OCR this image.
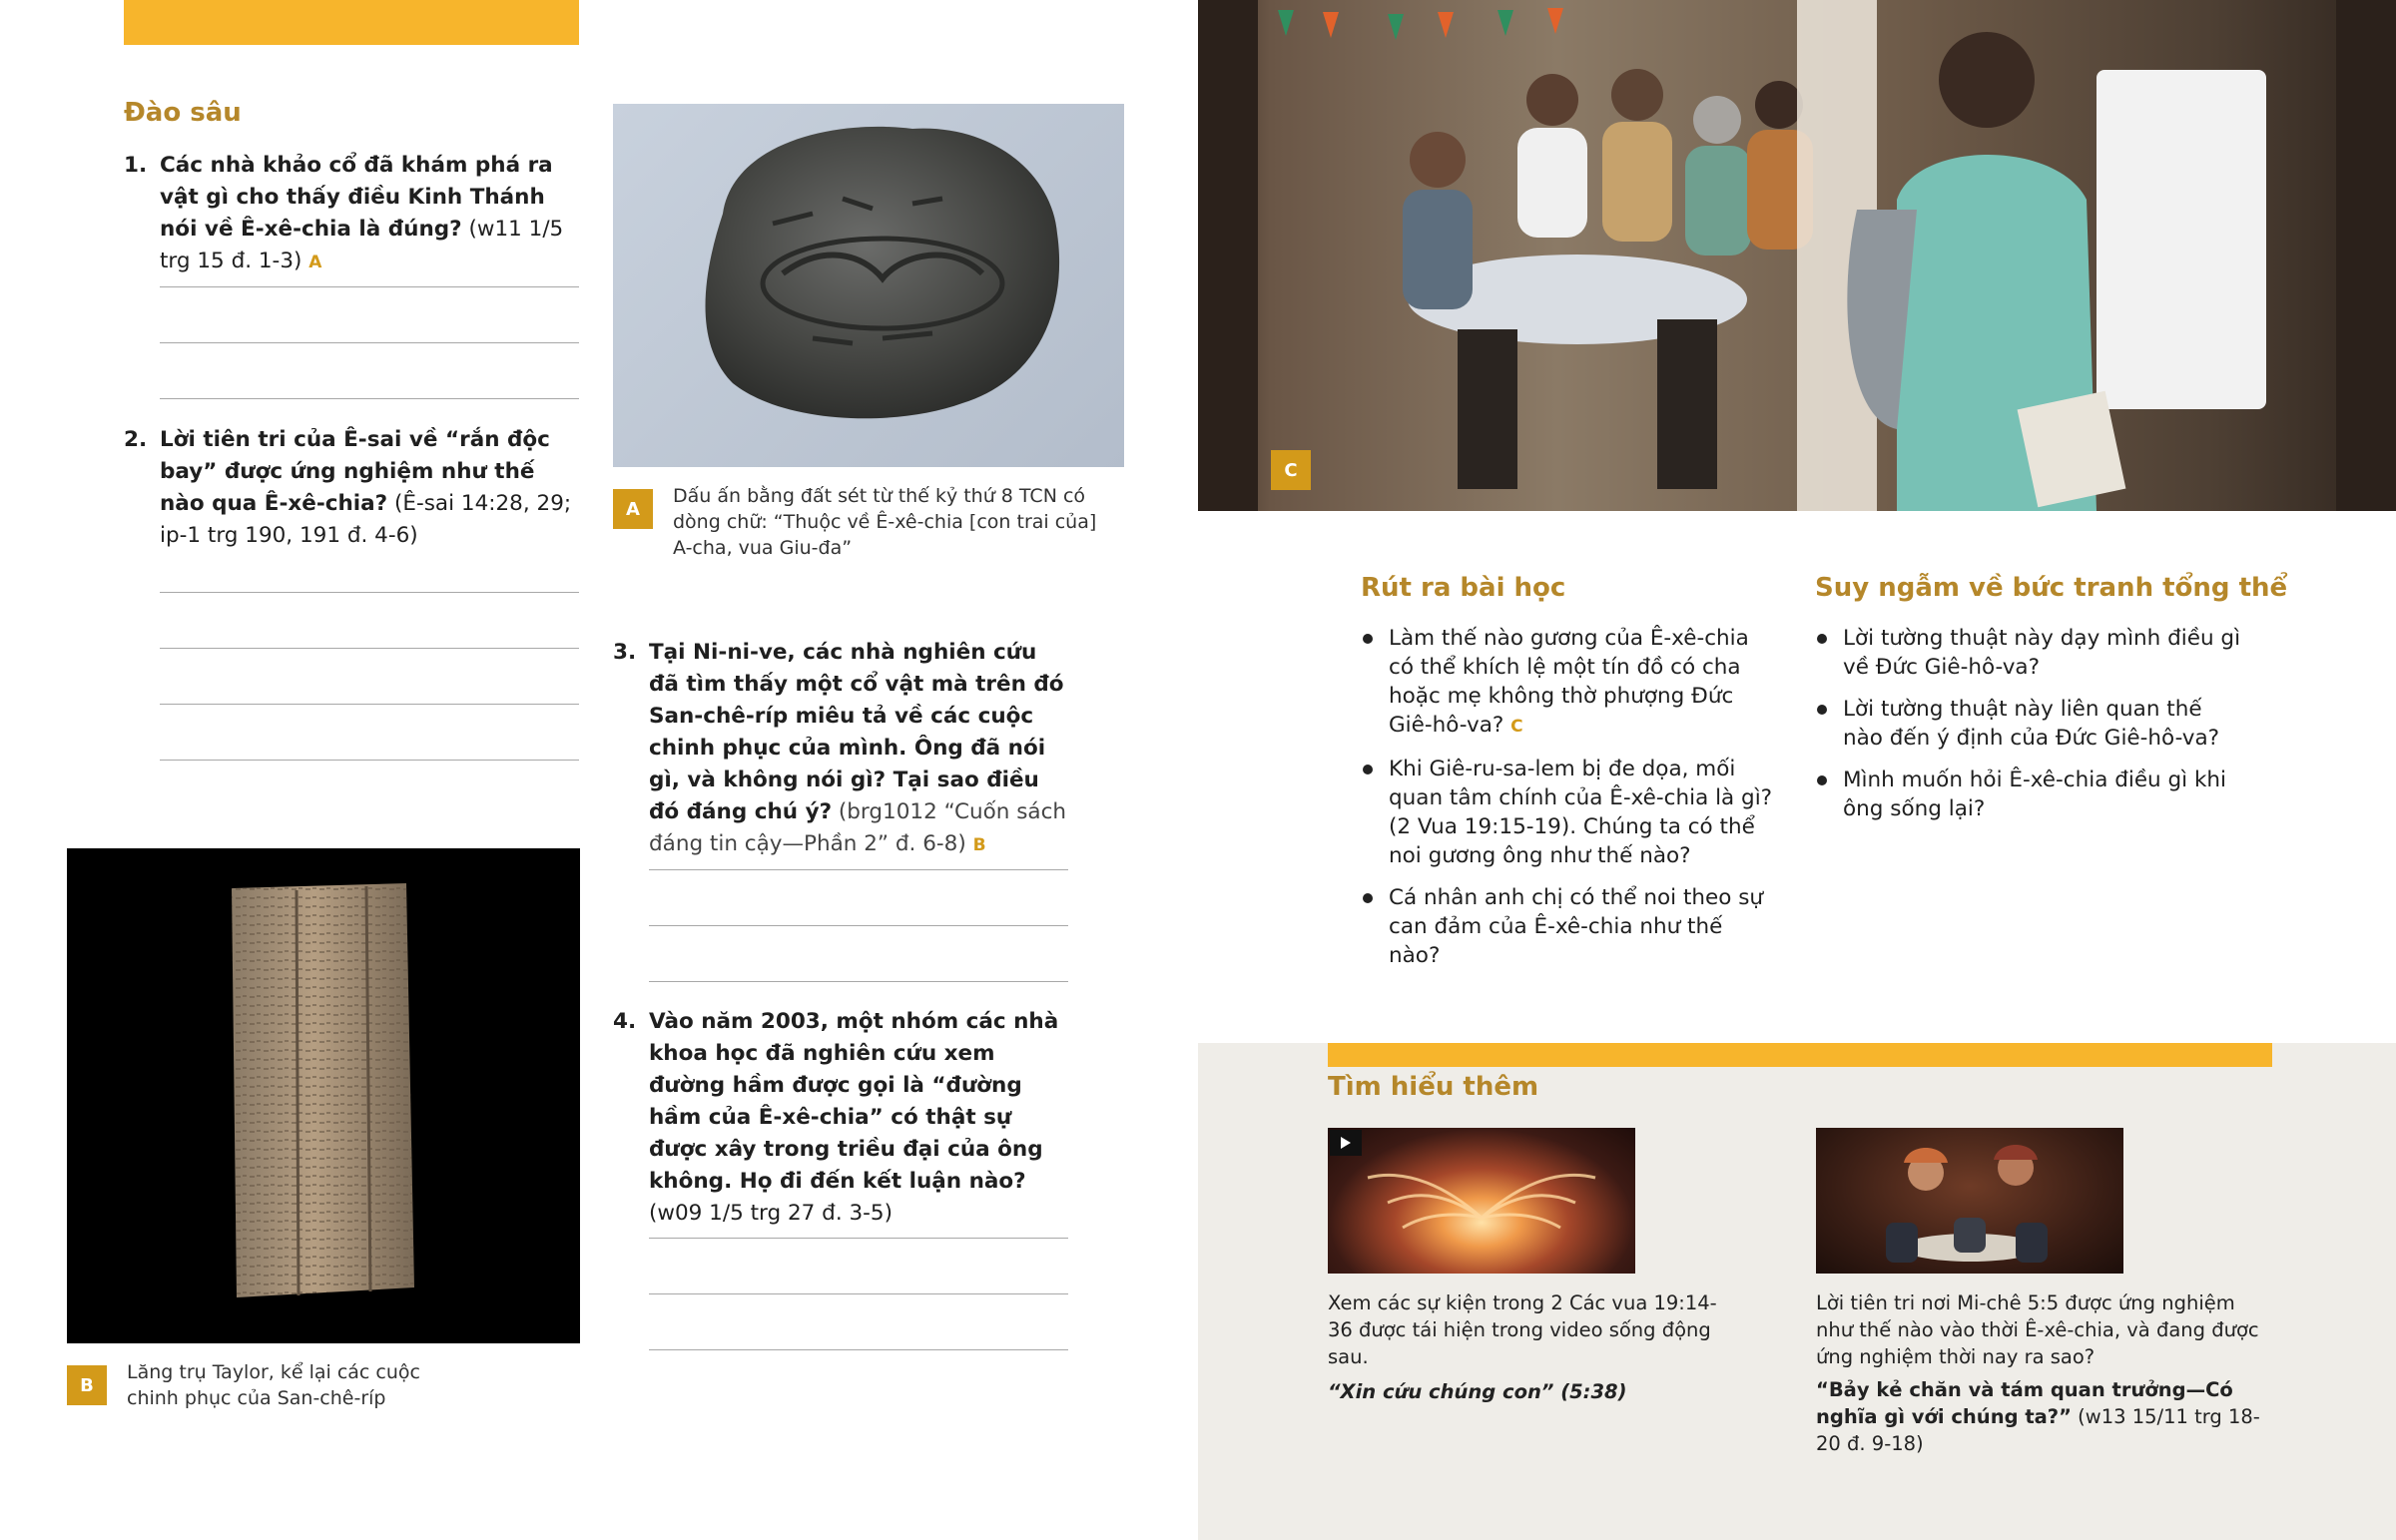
Đào sâu
1. Các nhà khảo cổ đã khám phá ra vật gì cho thấy điều Kinh Thánh nói về Ê-xê-chia là đúng? (w11 1/5 trg 15 đ. 1-3) A
2. Lời tiên tri của Ê-sai về “rắn độc bay” được ứng nghiệm như thế nào qua Ê-xê-chia? (Ê-sai 14:28, 29; ip-1 trg 190, 191 đ. 4-6)
A
Dấu ấn bằng đất sét từ thế kỷ thứ 8 TCN có dòng chữ: “Thuộc về Ê-xê-chia [con trai của] A-cha, vua Giu-đa”
3. Tại Ni-ni-ve, các nhà nghiên cứu đã tìm thấy một cổ vật mà trên đó San-chê-ríp miêu tả về các cuộc chinh phục của mình. Ông đã nói gì, và không nói gì? Tại sao điều đó đáng chú ý? (brg1012 “Cuốn sách đáng tin cậy—Phần 2” đ. 6-8) B
4. Vào năm 2003, một nhóm các nhà khoa học đã nghiên cứu xem đường hầm được gọi là “đường hầm của Ê-xê-chia” có thật sự được xây trong triều đại của ông không. Họ đi đến kết luận nào? (w09 1/5 trg 27 đ. 3-5)
B
Lăng trụ Taylor, kể lại các cuộc chinh phục của San-chê-ríp
C
Rút ra bài học
Làm thế nào gương của Ê-xê-chia có thể khích lệ một tín đồ có cha hoặc mẹ không thờ phượng Đức Giê-hô-va? C
Khi Giê-ru-sa-lem bị đe dọa, mối quan tâm chính của Ê-xê-chia là gì? (2 Vua 19:15-19). Chúng ta có thể noi gương ông như thế nào?
Cá nhân anh chị có thể noi theo sự can đảm của Ê-xê-chia như thế nào?
Suy ngẫm về bức tranh tổng thể
Lời tường thuật này dạy mình điều gì về Đức Giê-hô-va?
Lời tường thuật này liên quan thế nào đến ý định của Đức Giê-hô-va?
Mình muốn hỏi Ê-xê-chia điều gì khi ông sống lại?
Tìm hiểu thêm
Xem các sự kiện trong 2 Các vua 19:14-36 được tái hiện trong video sống động sau.
“Xin cứu chúng con” (5:38)
Lời tiên tri nơi Mi-chê 5:5 được ứng nghiệm như thế nào vào thời Ê-xê-chia, và đang được ứng nghiệm thời nay ra sao?
“Bảy kẻ chăn và tám quan trưởng—Có nghĩa gì với chúng ta?” (w13 15/11 trg 18-20 đ. 9-18)
